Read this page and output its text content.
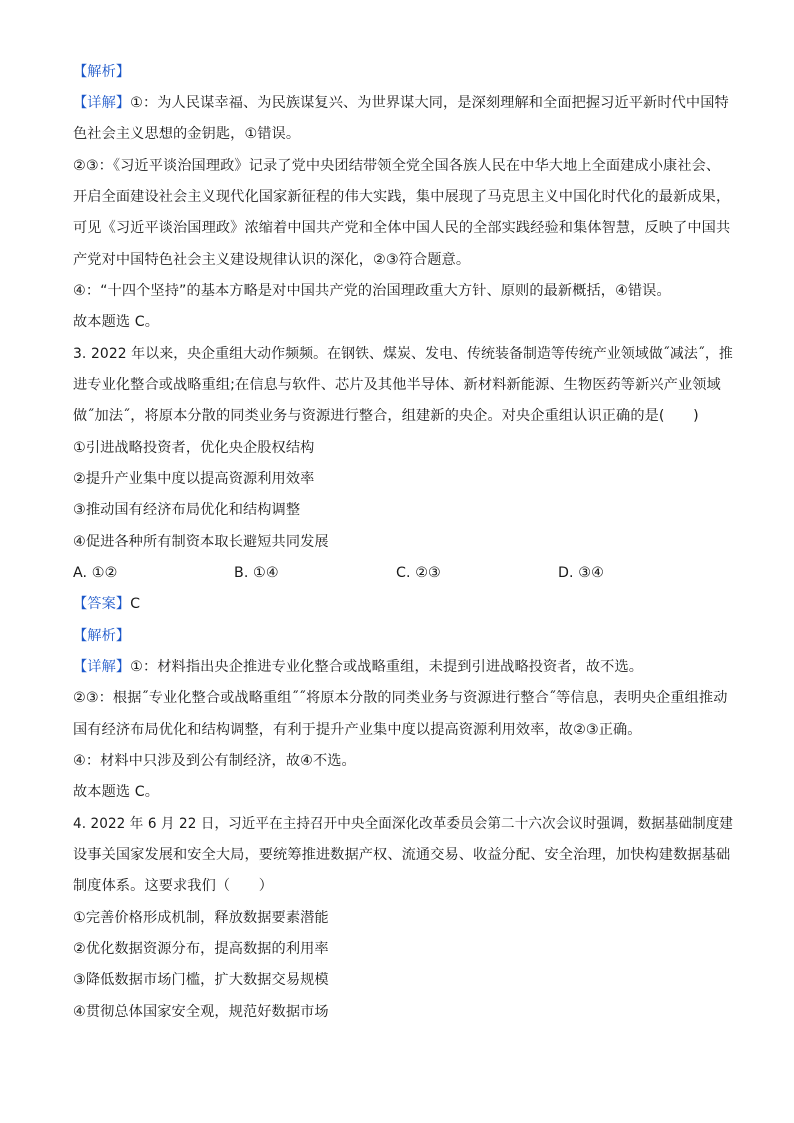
【解析】
【详解】①：为人民谋幸福、为民族谋复兴、为世界谋大同，是深刻理解和全面把握习近平新时代中国特
色社会主义思想的金钥匙，①错误。
②③：《习近平谈治国理政》记录了党中央团结带领全党全国各族人民在中华大地上全面建成小康社会、
开启全面建设社会主义现代化国家新征程的伟大实践，集中展现了马克思主义中国化时代化的最新成果，
可见《习近平谈治国理政》浓缩着中国共产党和全体中国人民的全部实践经验和集体智慧，反映了中国共
产党对中国特色社会主义建设规律认识的深化，②③符合题意。
④：“十四个坚持”的基本方略是对中国共产党的治国理政重大方针、原则的最新概括，④错误。
故本题选 C。
3. 2022 年以来，央企重组大动作频频。在钢铁、煤炭、发电、传统装备制造等传统产业领域做˝减法˝，推
进专业化整合或战略重组;在信息与软件、芯片及其他半导体、新材料新能源、生物医药等新兴产业领域
做˝加法˝，将原本分散的同类业务与资源进行整合，组建新的央企。对央企重组认识正确的是(　　)
①引进战略投资者，优化央企股权结构
②提升产业集中度以提高资源利用效率
③推动国有经济布局优化和结构调整
④促进各种所有制资本取长避短共同发展
A. ①②	B. ①④	C. ②③	D. ③④
【答案】C
【解析】
【详解】①：材料指出央企推进专业化整合或战略重组，未提到引进战略投资者，故不选。
②③：根据˝专业化整合或战略重组˝˝将原本分散的同类业务与资源进行整合˝等信息，表明央企重组推动
国有经济布局优化和结构调整，有利于提升产业集中度以提高资源利用效率，故②③正确。
④：材料中只涉及到公有制经济，故④不选。
故本题选 C。
4. 2022 年 6 月 22 日，习近平在主持召开中央全面深化改革委员会第二十六次会议时强调，数据基础制度建
设事关国家发展和安全大局，要统筹推进数据产权、流通交易、收益分配、安全治理，加快构建数据基础
制度体系。这要求我们（　　）
①完善价格形成机制，释放数据要素潜能
②优化数据资源分布，提高数据的利用率
③降低数据市场门槛，扩大数据交易规模
④贯彻总体国家安全观，规范好数据市场
